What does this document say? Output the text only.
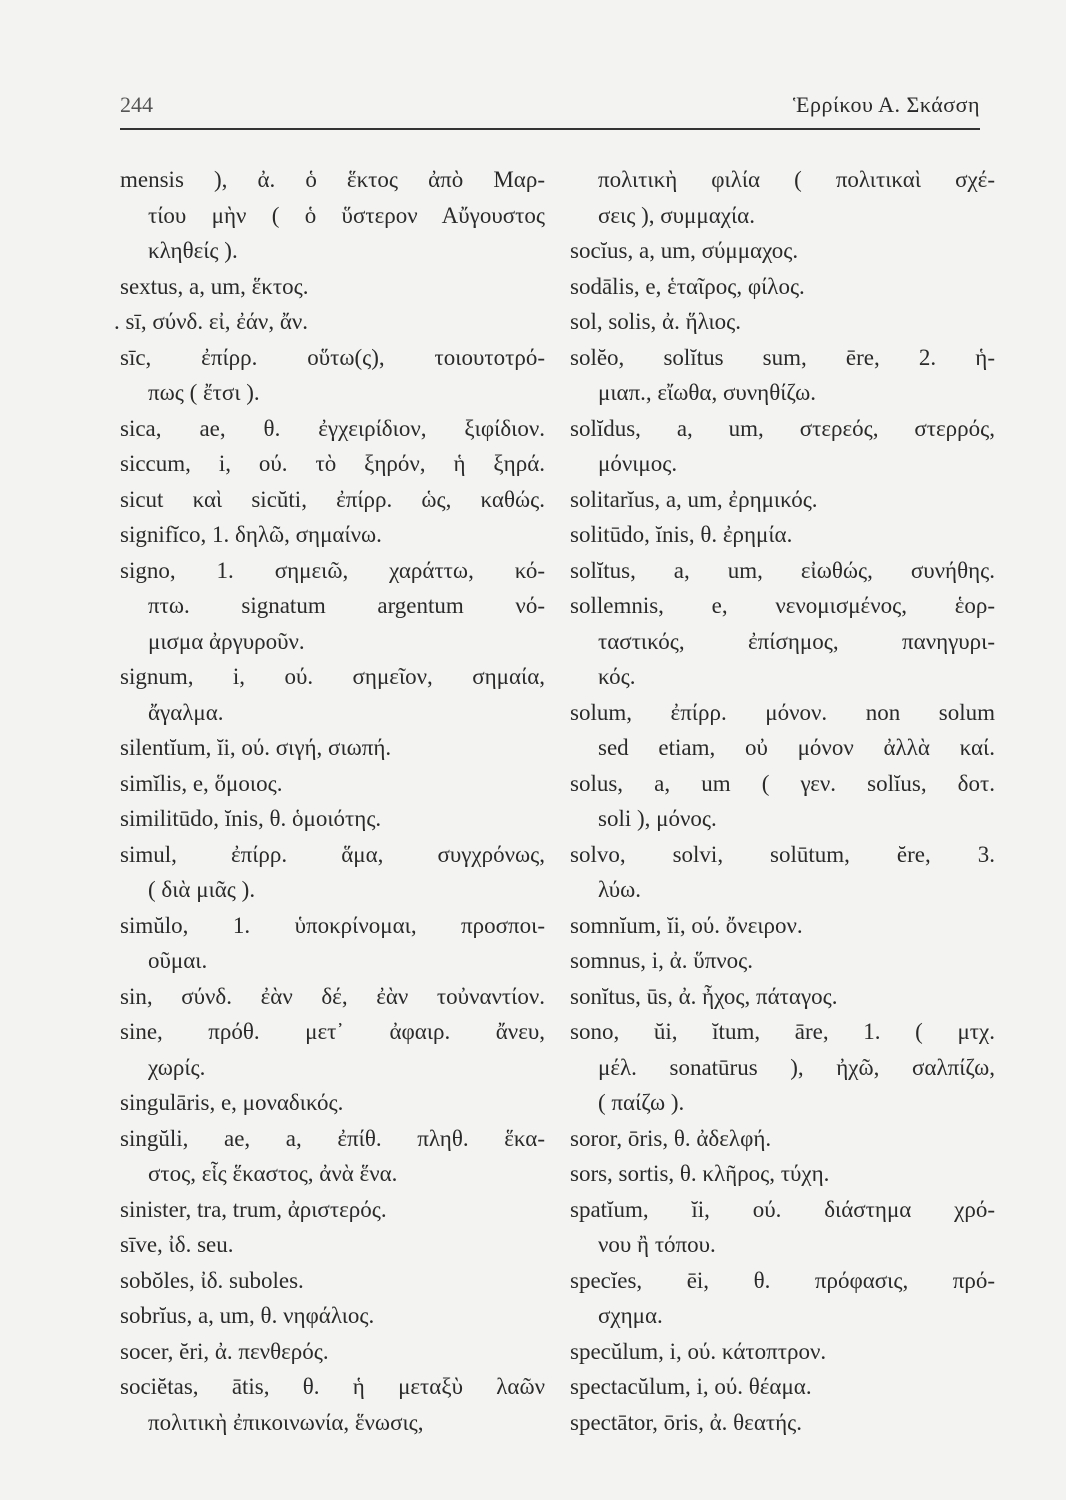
244	Ἑρρίκου Α. Σκάσση
mensis ), ἀ. ὁ ἕκτος ἀπὸ Μαρ-
τίου μὴν ( ὁ ὕστερον Αὔγουστος
κληθείς ).
sextus, a, um, ἕκτος.
. sī, σύνδ. εἰ, ἐάν, ἄν.
sīc, ἐπίρρ. οὕτω(ς), τοιουτοτρό-
πως ( ἔτσι ).
sica, ae, θ. ἐγχειρίδιον, ξιφίδιον.
siccum, i, ού. τὸ ξηρόν, ἡ ξηρά.
sicut καὶ sicŭti, ἐπίρρ. ὡς, καθώς.
signifĭco, 1. δηλῶ, σημαίνω.
signo, 1. σημειῶ, χαράττω, κό-
πτω. signatum argentum νό-
μισμα ἀργυροῦν.
signum, i, ού. σημεῖον, σημαία,
ἄγαλμα.
silentĭum, ĭi, ού. σιγή, σιωπή.
simĭlis, e, ὅμοιος.
similitūdo, ĭnis, θ. ὁμοιότης.
simul, ἐπίρρ. ἅμα, συγχρόνως,
( διὰ μιᾶς ).
simŭlo, 1. ὑποκρίνομαι, προσποι-
οῦμαι.
sin, σύνδ. ἐὰν δέ, ἐὰν τοὐναντίον.
sine, πρόθ. μετ᾽ ἀφαιρ. ἄνευ,
χωρίς.
singulāris, e, μοναδικός.
singŭli, ae, a, ἐπίθ. πληθ. ἕκα-
στος, εἷς ἕκαστος, ἀνὰ ἕνα.
sinister, tra, trum, ἀριστερός.
sīve, ἰδ. seu.
sobŏles, ἰδ. suboles.
sobrĭus, a, um, θ. νηφάλιος.
socer, ĕri, ἀ. πενθερός.
sociĕtas, ātis, θ. ἡ μεταξὺ λαῶν
πολιτικὴ ἐπικοινωνία, ἕνωσις,
πολιτικὴ φιλία ( πολιτικαὶ σχέ-
σεις ), συμμαχία.
socĭus, a, um, σύμμαχος.
sodālis, e, ἑταῖρος, φίλος.
sol, solis, ἀ. ἥλιος.
solĕo, solĭtus sum, ēre, 2. ἡ-
μιαπ., εἴωθα, συνηθίζω.
solĭdus, a, um, στερεός, στερρός,
μόνιμος.
solitarĭus, a, um, ἐρημικός.
solitūdo, ĭnis, θ. ἐρημία.
solĭtus, a, um, εἰωθώς, συνήθης.
sollemnis, e, νενομισμένος, ἑορ-
ταστικός, ἐπίσημος, πανηγυρι-
κός.
solum, ἐπίρρ. μόνον. non solum
sed etiam, οὐ μόνον ἀλλὰ καί.
solus, a, um ( γεν. solĭus, δοτ.
soli ), μόνος.
solvo, solvi, solūtum, ĕre, 3.
λύω.
somnĭum, ĭi, ού. ὄνειρον.
somnus, i, ἀ. ὕπνος.
sonĭtus, ūs, ἀ. ἦχος, πάταγος.
sono, ŭi, ĭtum, āre, 1. ( μτχ.
μέλ. sonatūrus ), ἠχῶ, σαλπίζω,
( παίζω ).
soror, ōris, θ. ἀδελφή.
sors, sortis, θ. κλῆρος, τύχη.
spatĭum, ĭi, ού. διάστημα χρό-
νου ἢ τόπου.
specĭes, ēi, θ. πρόφασις, πρό-
σχημα.
specŭlum, i, ού. κάτοπτρον.
spectacŭlum, i, ού. θέαμα.
spectātor, ōris, ἀ. θεατής.
